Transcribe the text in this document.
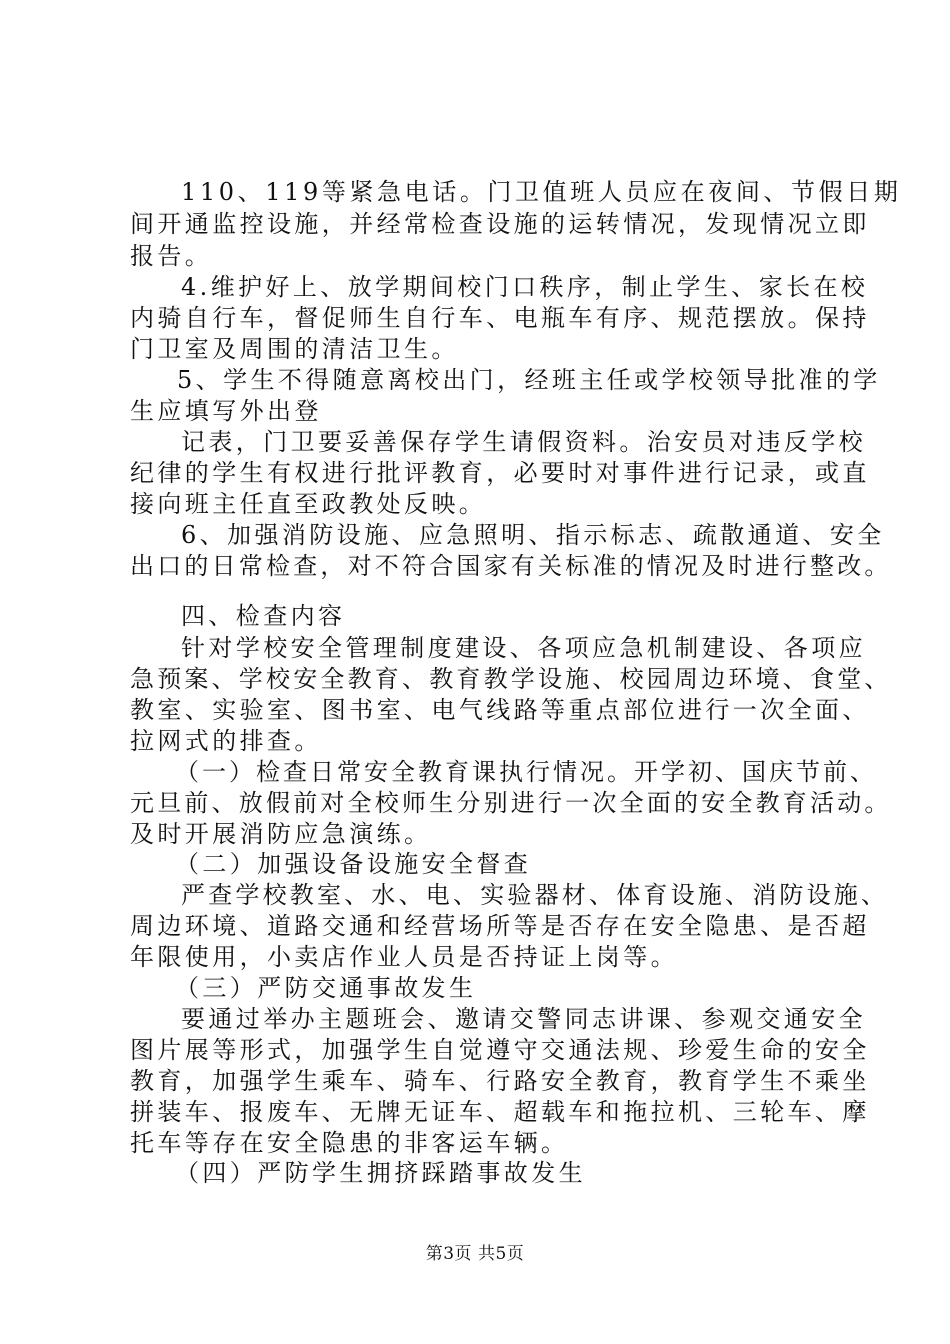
110、119等紧急电话。门卫值班人员应在夜间、节假日期
间开通监控设施，并经常检查设施的运转情况，发现情况立即
报告。
4.维护好上、放学期间校门口秩序，制止学生、家长在校
内骑自行车，督促师生自行车、电瓶车有序、规范摆放。保持
门卫室及周围的清洁卫生。
5、学生不得随意离校出门，经班主任或学校领导批准的学
生应填写外出登
记表，门卫要妥善保存学生请假资料。治安员对违反学校
纪律的学生有权进行批评教育，必要时对事件进行记录，或直
接向班主任直至政教处反映。
6、加强消防设施、应急照明、指示标志、疏散通道、安全
出口的日常检查，对不符合国家有关标准的情况及时进行整改。
四、检查内容
针对学校安全管理制度建设、各项应急机制建设、各项应
急预案、学校安全教育、教育教学设施、校园周边环境、食堂、
教室、实验室、图书室、电气线路等重点部位进行一次全面、
拉网式的排查。
（一）检查日常安全教育课执行情况。开学初、国庆节前、
元旦前、放假前对全校师生分别进行一次全面的安全教育活动。
及时开展消防应急演练。
（二）加强设备设施安全督查
严查学校教室、水、电、实验器材、体育设施、消防设施、
周边环境、道路交通和经营场所等是否存在安全隐患、是否超
年限使用，小卖店作业人员是否持证上岗等。
（三）严防交通事故发生
要通过举办主题班会、邀请交警同志讲课、参观交通安全
图片展等形式，加强学生自觉遵守交通法规、珍爱生命的安全
教育，加强学生乘车、骑车、行路安全教育，教育学生不乘坐
拼装车、报废车、无牌无证车、超载车和拖拉机、三轮车、摩
托车等存在安全隐患的非客运车辆。
（四）严防学生拥挤踩踏事故发生
第3页 共5页
